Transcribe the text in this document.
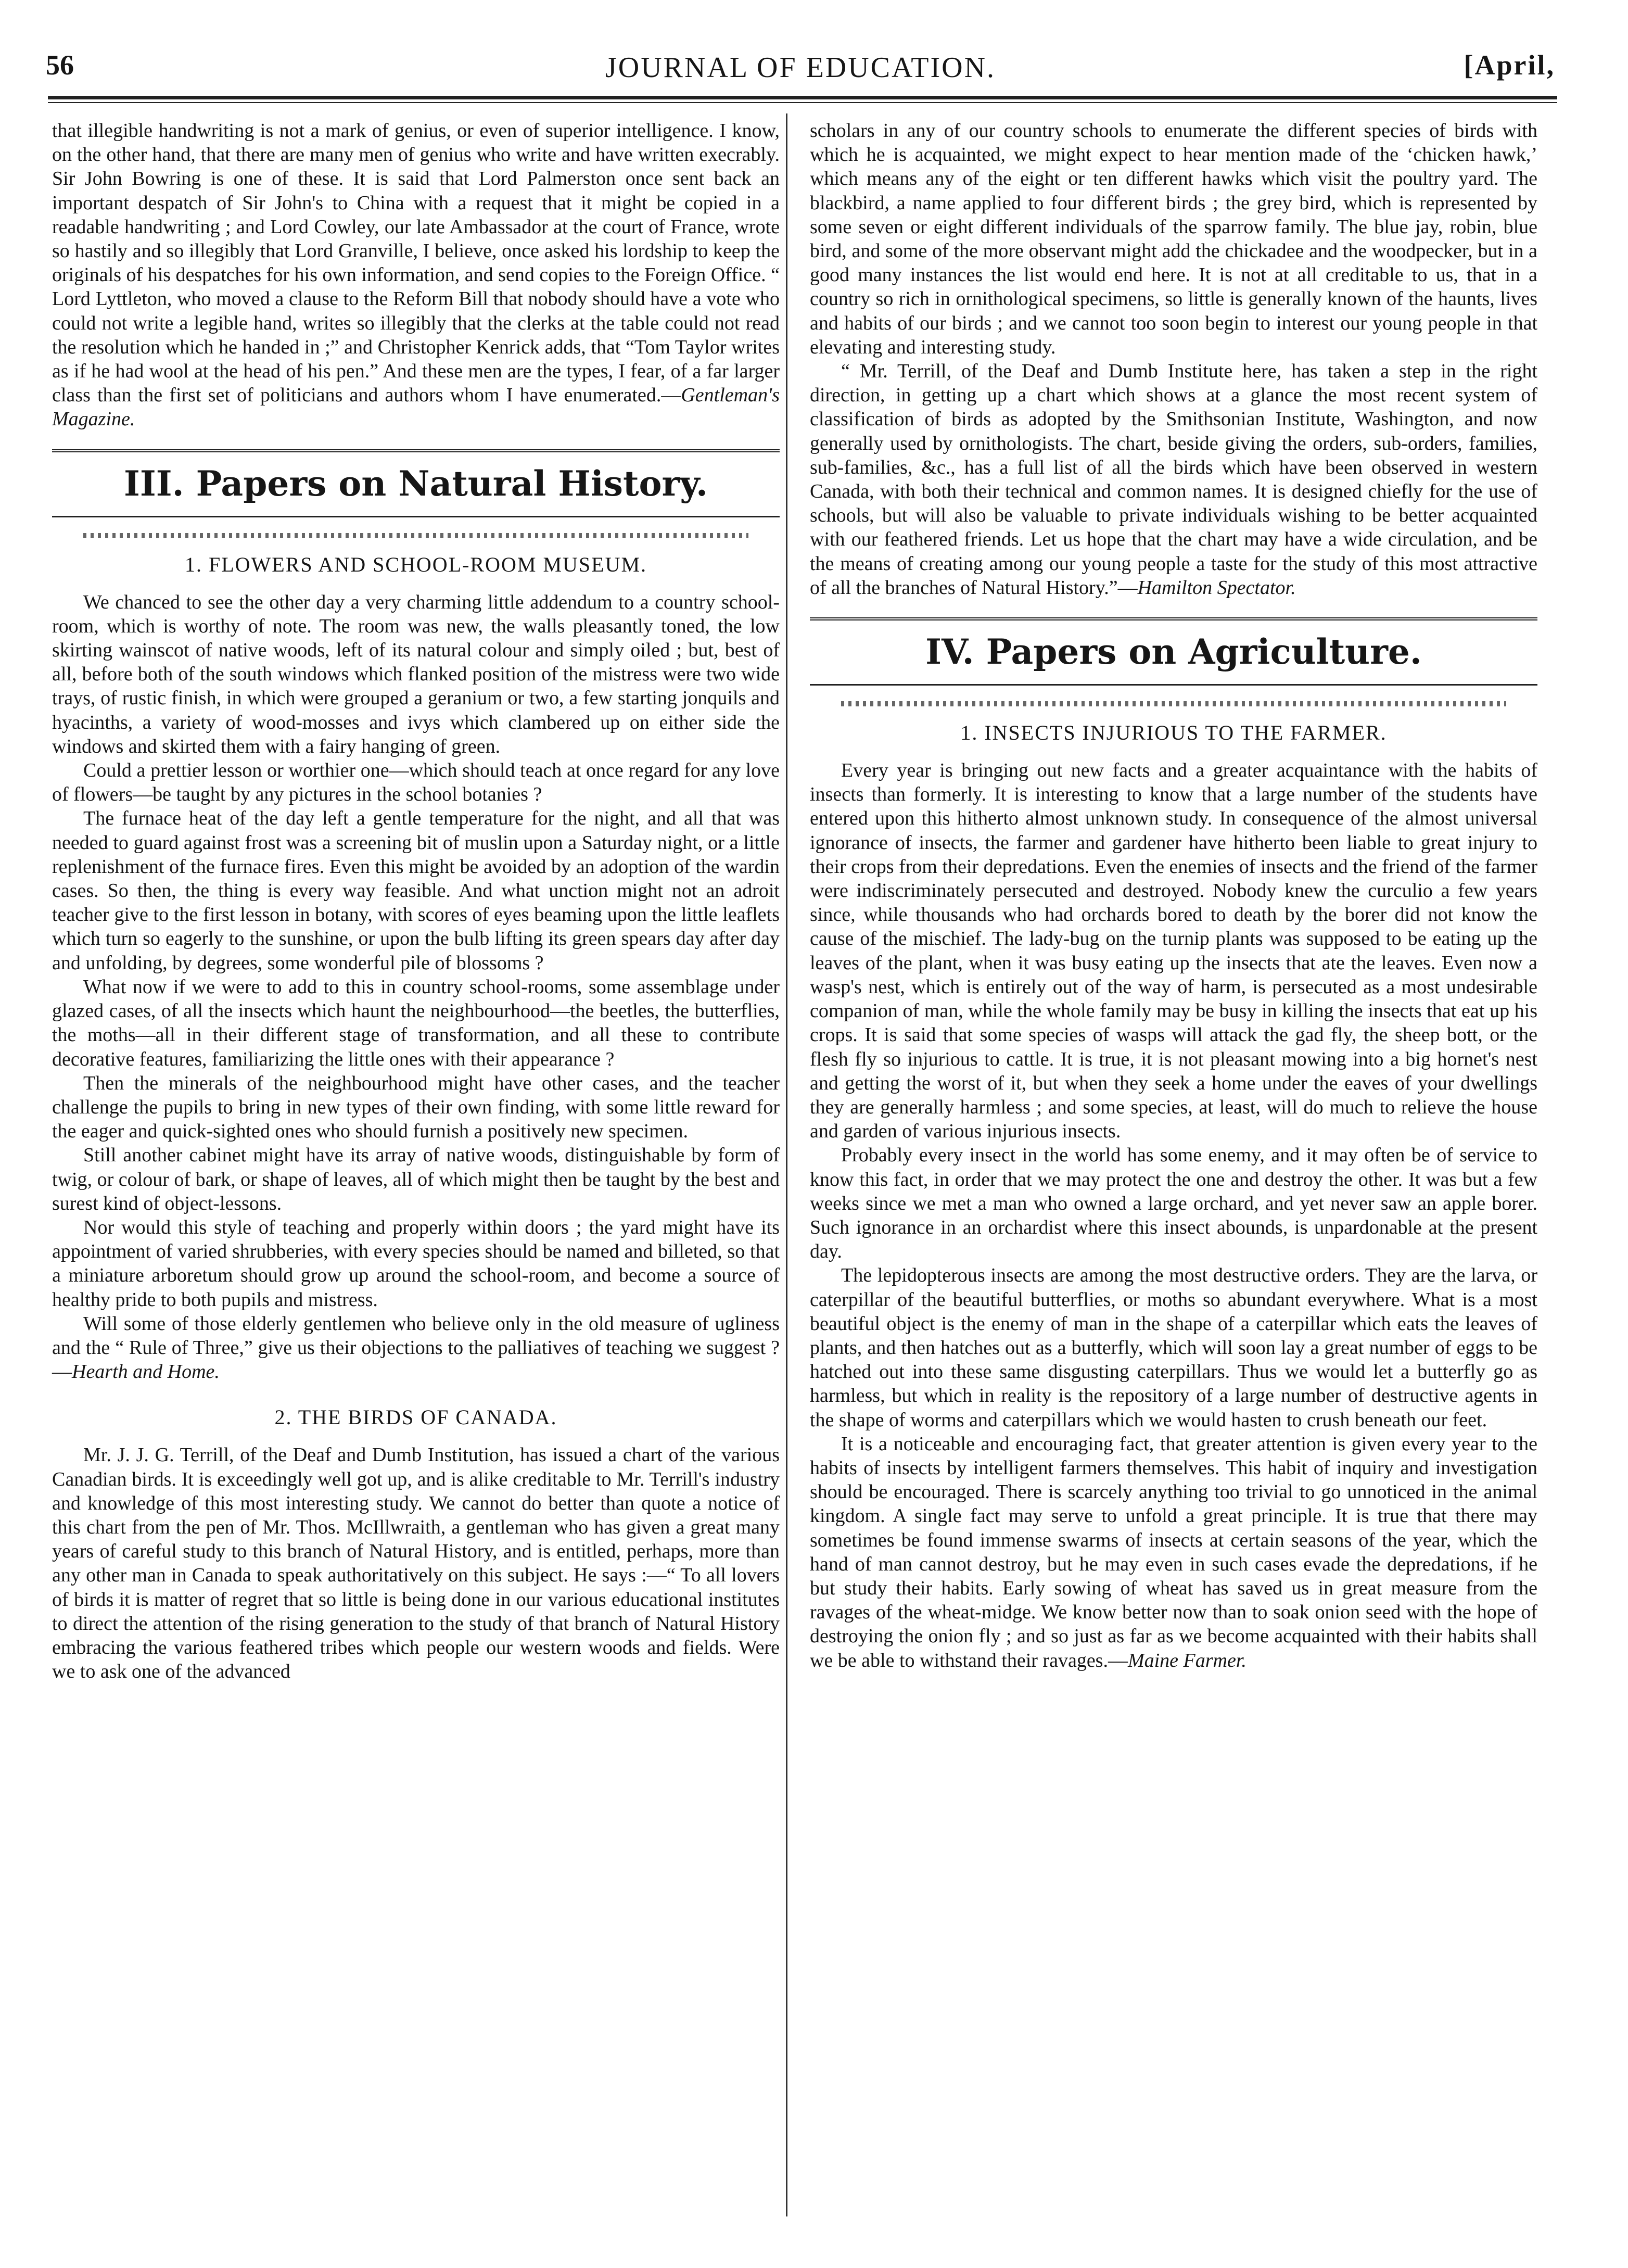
56	JOURNAL OF EDUCATION.	[April,

that illegible handwriting is not a mark of genius, or even of superior intelligence. I know, on the other hand, that there are many men of genius who write and have written execrably. Sir John Bowring is one of these. It is said that Lord Palmerston once sent back an important despatch of Sir John's to China with a request that it might be copied in a readable handwriting ; and Lord Cowley, our late Ambassador at the court of France, wrote so hastily and so illegibly that Lord Granville, I believe, once asked his lordship to keep the originals of his despatches for his own information, and send copies to the Foreign Office. “ Lord Lyttleton, who moved a clause to the Reform Bill that nobody should have a vote who could not write a legible hand, writes so illegibly that the clerks at the table could not read the resolution which he handed in ;” and Christopher Kenrick adds, that “Tom Taylor writes as if he had wool at the head of his pen.” And these men are the types, I fear, of a far larger class than the first set of politicians and authors whom I have enumerated.—Gentleman's Magazine.

III. Papers on Natural History.
1. FLOWERS AND SCHOOL-ROOM MUSEUM.

We chanced to see the other day a very charming little addendum to a country school-room, which is worthy of note. The room was new, the walls pleasantly toned, the low skirting wainscot of native woods, left of its natural colour and simply oiled ; but, best of all, before both of the south windows which flanked position of the mistress were two wide trays, of rustic finish, in which were grouped a geranium or two, a few starting jonquils and hyacinths, a variety of wood-mosses and ivys which clambered up on either side the windows and skirted them with a fairy hanging of green.

Could a prettier lesson or worthier one—which should teach at once regard for any love of flowers—be taught by any pictures in the school botanies ?

The furnace heat of the day left a gentle temperature for the night, and all that was needed to guard against frost was a screening bit of muslin upon a Saturday night, or a little replenishment of the furnace fires. Even this might be avoided by an adoption of the wardin cases. So then, the thing is every way feasible. And what unction might not an adroit teacher give to the first lesson in botany, with scores of eyes beaming upon the little leaflets which turn so eagerly to the sunshine, or upon the bulb lifting its green spears day after day and unfolding, by degrees, some wonderful pile of blossoms ?

What now if we were to add to this in country school-rooms, some assemblage under glazed cases, of all the insects which haunt the neighbourhood—the beetles, the butterflies, the moths—all in their different stage of transformation, and all these to contribute decorative features, familiarizing the little ones with their appearance ?

Then the minerals of the neighbourhood might have other cases, and the teacher challenge the pupils to bring in new types of their own finding, with some little reward for the eager and quick-sighted ones who should furnish a positively new specimen.

Still another cabinet might have its array of native woods, distinguishable by form of twig, or colour of bark, or shape of leaves, all of which might then be taught by the best and surest kind of object-lessons.

Nor would this style of teaching and properly within doors ; the yard might have its appointment of varied shrubberies, with every species should be named and billeted, so that a miniature arboretum should grow up around the school-room, and become a source of healthy pride to both pupils and mistress.

Will some of those elderly gentlemen who believe only in the old measure of ugliness and the “ Rule of Three,” give us their objections to the palliatives of teaching we suggest ?—Hearth and Home.

2. THE BIRDS OF CANADA.

Mr. J. J. G. Terrill, of the Deaf and Dumb Institution, has issued a chart of the various Canadian birds. It is exceedingly well got up, and is alike creditable to Mr. Terrill's industry and knowledge of this most interesting study. We cannot do better than quote a notice of this chart from the pen of Mr. Thos. McIllwraith, a gentleman who has given a great many years of careful study to this branch of Natural History, and is entitled, perhaps, more than any other man in Canada to speak authoritatively on this subject. He says :—“ To all lovers of birds it is matter of regret that so little is being done in our various educational institutes to direct the attention of the rising generation to the study of that branch of Natural History embracing the various feathered tribes which people our western woods and fields. Were we to ask one of the advanced

scholars in any of our country schools to enumerate the different species of birds with which he is acquainted, we might expect to hear mention made of the ‘chicken hawk,’ which means any of the eight or ten different hawks which visit the poultry yard. The blackbird, a name applied to four different birds ; the grey bird, which is represented by some seven or eight different individuals of the sparrow family. The blue jay, robin, blue bird, and some of the more observant might add the chickadee and the woodpecker, but in a good many instances the list would end here. It is not at all creditable to us, that in a country so rich in ornithological specimens, so little is generally known of the haunts, lives and habits of our birds ; and we cannot too soon begin to interest our young people in that elevating and interesting study.

“ Mr. Terrill, of the Deaf and Dumb Institute here, has taken a step in the right direction, in getting up a chart which shows at a glance the most recent system of classification of birds as adopted by the Smithsonian Institute, Washington, and now generally used by ornithologists. The chart, beside giving the orders, sub-orders, families, sub-families, &c., has a full list of all the birds which have been observed in western Canada, with both their technical and common names. It is designed chiefly for the use of schools, but will also be valuable to private individuals wishing to be better acquainted with our feathered friends. Let us hope that the chart may have a wide circulation, and be the means of creating among our young people a taste for the study of this most attractive of all the branches of Natural History.”—Hamilton Spectator.

IV. Papers on Agriculture.
1. INSECTS INJURIOUS TO THE FARMER.

Every year is bringing out new facts and a greater acquaintance with the habits of insects than formerly. It is interesting to know that a large number of the students have entered upon this hitherto almost unknown study. In consequence of the almost universal ignorance of insects, the farmer and gardener have hitherto been liable to great injury to their crops from their depredations. Even the enemies of insects and the friend of the farmer were indiscriminately persecuted and destroyed. Nobody knew the curculio a few years since, while thousands who had orchards bored to death by the borer did not know the cause of the mischief. The lady-bug on the turnip plants was supposed to be eating up the leaves of the plant, when it was busy eating up the insects that ate the leaves. Even now a wasp's nest, which is entirely out of the way of harm, is persecuted as a most undesirable companion of man, while the whole family may be busy in killing the insects that eat up his crops. It is said that some species of wasps will attack the gad fly, the sheep bott, or the flesh fly so injurious to cattle. It is true, it is not pleasant mowing into a big hornet's nest and getting the worst of it, but when they seek a home under the eaves of your dwellings they are generally harmless ; and some species, at least, will do much to relieve the house and garden of various injurious insects.

Probably every insect in the world has some enemy, and it may often be of service to know this fact, in order that we may protect the one and destroy the other. It was but a few weeks since we met a man who owned a large orchard, and yet never saw an apple borer. Such ignorance in an orchardist where this insect abounds, is unpardonable at the present day.

The lepidopterous insects are among the most destructive orders. They are the larva, or caterpillar of the beautiful butterflies, or moths so abundant everywhere. What is a most beautiful object is the enemy of man in the shape of a caterpillar which eats the leaves of plants, and then hatches out as a butterfly, which will soon lay a great number of eggs to be hatched out into these same disgusting caterpillars. Thus we would let a butterfly go as harmless, but which in reality is the repository of a large number of destructive agents in the shape of worms and caterpillars which we would hasten to crush beneath our feet.

It is a noticeable and encouraging fact, that greater attention is given every year to the habits of insects by intelligent farmers themselves. This habit of inquiry and investigation should be encouraged. There is scarcely anything too trivial to go unnoticed in the animal kingdom. A single fact may serve to unfold a great principle. It is true that there may sometimes be found immense swarms of insects at certain seasons of the year, which the hand of man cannot destroy, but he may even in such cases evade the depredations, if he but study their habits. Early sowing of wheat has saved us in great measure from the ravages of the wheat-midge. We know better now than to soak onion seed with the hope of destroying the onion fly ; and so just as far as we become acquainted with their habits shall we be able to withstand their ravages.—Maine Farmer.
